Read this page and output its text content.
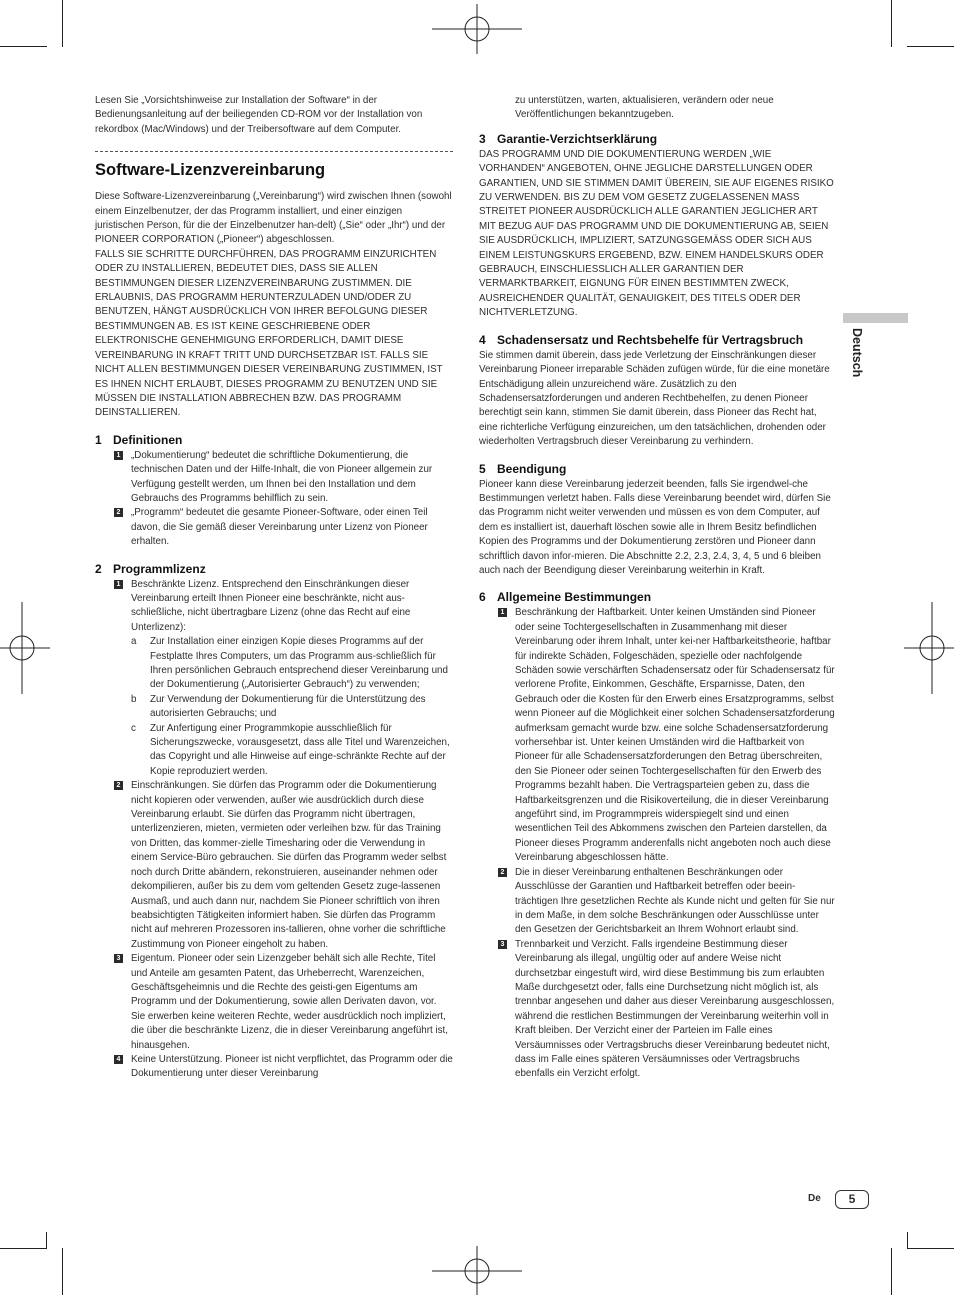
Lesen Sie „Vorsichtshinweise zur Installation der Software“ in der Bedienungsanleitung auf der beiliegenden CD-ROM vor der Installation von rekordbox (Mac/Windows) und der Treibersoftware auf dem Computer.

Software-Lizenzvereinbarung

Diese Software-Lizenzvereinbarung („Vereinbarung“) wird zwischen Ihnen (sowohl einem Einzelbenutzer, der das Programm installiert, und einer einzigen juristischen Person, für die der Einzelbenutzer han-delt) („Sie“ oder „Ihr“) und der PIONEER CORPORATION („Pioneer“) abgeschlossen.

FALLS SIE SCHRITTE DURCHFÜHREN, DAS PROGRAMM EINZURICHTEN ODER ZU INSTALLIEREN, BEDEUTET DIES, DASS SIE ALLEN BESTIMMUNGEN DIESER LIZENZVEREINBARUNG ZUSTIMMEN. DIE ERLAUBNIS, DAS PROGRAMM HERUNTERZULADEN UND/ODER ZU BENUTZEN, HÄNGT AUSDRÜCKLICH VON IHRER BEFOLGUNG DIESER BESTIMMUNGEN AB. ES IST KEINE GESCHRIEBENE ODER ELEKTRONISCHE GENEHMIGUNG ERFORDERLICH, DAMIT DIESE VEREINBARUNG IN KRAFT TRITT UND DURCHSETZBAR IST. FALLS SIE NICHT ALLEN BESTIMMUNGEN DIESER VEREINBARUNG ZUSTIMMEN, IST ES IHNEN NICHT ERLAUBT, DIESES PROGRAMM ZU BENUTZEN UND SIE MÜSSEN DIE INSTALLATION ABBRECHEN BZW. DAS PROGRAMM DEINSTALLIEREN.

1 Definitionen
1 „Dokumentierung“ bedeutet die schriftliche Dokumentierung, die technischen Daten und der Hilfe-Inhalt, die von Pioneer allgemein zur Verfügung gestellt werden, um Ihnen bei den Installation und dem Gebrauchs des Programms behilflich zu sein.
2 „Programm“ bedeutet die gesamte Pioneer-Software, oder einen Teil davon, die Sie gemäß dieser Vereinbarung unter Lizenz von Pioneer erhalten.
2 Programmlizenz
1 Beschränkte Lizenz. Entsprechend den Einschränkungen dieser Vereinbarung erteilt Ihnen Pioneer eine beschränkte, nicht aus-schließliche, nicht übertragbare Lizenz (ohne das Recht auf eine Unterlizenz):
a Zur Installation einer einzigen Kopie dieses Programms auf der Festplatte Ihres Computers, um das Programm aus-schließlich für Ihren persönlichen Gebrauch entsprechend dieser Vereinbarung und der Dokumentierung („Autorisierter Gebrauch“) zu verwenden;
b Zur Verwendung der Dokumentierung für die Unterstützung des autorisierten Gebrauchs; und
c Zur Anfertigung einer Programmkopie ausschließlich für Sicherungszwecke, vorausgesetzt, dass alle Titel und Warenzeichen, das Copyright und alle Hinweise auf einge-schränkte Rechte auf der Kopie reproduziert werden.
2 Einschränkungen. Sie dürfen das Programm oder die Dokumentierung nicht kopieren oder verwenden, außer wie ausdrücklich durch diese Vereinbarung erlaubt. Sie dürfen das Programm nicht übertragen, unterlizenzieren, mieten, vermieten oder verleihen bzw. für das Training von Dritten, das kommer-zielle Timesharing oder die Verwendung in einem Service-Büro gebrauchen. Sie dürfen das Programm weder selbst noch durch Dritte abändern, rekonstruieren, auseinander nehmen oder dekompilieren, außer bis zu dem vom geltenden Gesetz zuge-lassenen Ausmaß, und auch dann nur, nachdem Sie Pioneer schriftlich von ihren beabsichtigten Tätigkeiten informiert haben. Sie dürfen das Programm nicht auf mehreren Prozessoren ins-tallieren, ohne vorher die schriftliche Zustimmung von Pioneer eingeholt zu haben.
3 Eigentum. Pioneer oder sein Lizenzgeber behält sich alle Rechte, Titel und Anteile am gesamten Patent, das Urheberrecht, Warenzeichen, Geschäftsgeheimnis und die Rechte des geisti-gen Eigentums am Programm und der Dokumentierung, sowie allen Derivaten davon, vor. Sie erwerben keine weiteren Rechte, weder ausdrücklich noch impliziert, die über die beschränkte Lizenz, die in dieser Vereinbarung angeführt ist, hinausgehen.
4 Keine Unterstützung. Pioneer ist nicht verpflichtet, das Programm oder die Dokumentierung unter dieser Vereinbarung

zu unterstützen, warten, aktualisieren, verändern oder neue Veröffentlichungen bekanntzugeben.

3 Garantie-Verzichtserklärung

DAS PROGRAMM UND DIE DOKUMENTIERUNG WERDEN „WIE VORHANDEN“ ANGEBOTEN, OHNE JEGLICHE DARSTELLUNGEN ODER GARANTIEN, UND SIE STIMMEN DAMIT ÜBEREIN, SIE AUF EIGENES RISIKO ZU VERWENDEN. BIS ZU DEM VOM GESETZ ZUGELASSENEN MASS STREITET PIONEER AUSDRÜCKLICH ALLE GARANTIEN JEGLICHER ART MIT BEZUG AUF DAS PROGRAMM UND DIE DOKUMENTIERUNG AB, SEIEN SIE AUSDRÜCKLICH, IMPLIZIERT, SATZUNGSGEMÄSS ODER SICH AUS EINEM LEISTUNGSKURS ERGEBEND, BZW. EINEM HANDELSKURS ODER GEBRAUCH, EINSCHLIESSLICH ALLER GARANTIEN DER VERMARKTBARKEIT, EIGNUNG FÜR EINEN BESTIMMTEN ZWECK, AUSREICHENDER QUALITÄT, GENAUIGKEIT, DES TITELS ODER DER NICHTVERLETZUNG.

4 Schadensersatz und Rechtsbehelfe für Vertragsbruch

Sie stimmen damit überein, dass jede Verletzung der Einschränkungen dieser Vereinbarung Pioneer irreparable Schäden zufügen würde, für die eine monetäre Entschädigung allein unzureichend wäre. Zusätzlich zu den Schadensersatzforderungen und anderen Rechtbehelfen, zu denen Pioneer berechtigt sein kann, stimmen Sie damit überein, dass Pioneer das Recht hat, eine richterliche Verfügung einzureichen, um den tatsächlichen, drohenden oder wiederholten Vertragsbruch dieser Vereinbarung zu verhindern.

5 Beendigung

Pioneer kann diese Vereinbarung jederzeit beenden, falls Sie irgendwel-che Bestimmungen verletzt haben. Falls diese Vereinbarung beendet wird, dürfen Sie das Programm nicht weiter verwenden und müssen es von dem Computer, auf dem es installiert ist, dauerhaft löschen sowie alle in Ihrem Besitz befindlichen Kopien des Programms und der Dokumentierung zerstören und Pioneer dann schriftlich davon infor-mieren. Die Abschnitte 2.2, 2.3, 2.4, 3, 4, 5 und 6 bleiben auch nach der Beendigung dieser Vereinbarung weiterhin in Kraft.

6 Allgemeine Bestimmungen
1 Beschränkung der Haftbarkeit. Unter keinen Umständen sind Pioneer oder seine Tochtergesellschaften in Zusammenhang mit dieser Vereinbarung oder ihrem Inhalt, unter kei-ner Haftbarkeitstheorie, haftbar für indirekte Schäden, Folgeschäden, spezielle oder nachfolgende Schäden sowie verschärften Schadensersatz oder für Schadensersatz für verlorene Profite, Einkommen, Geschäfte, Ersparnisse, Daten, den Gebrauch oder die Kosten für den Erwerb eines Ersatzprogramms, selbst wenn Pioneer auf die Möglichkeit einer solchen Schadensersatzforderung aufmerksam gemacht wurde bzw. eine solche Schadensersatzforderung vorhersehbar ist. Unter keinen Umständen wird die Haftbarkeit von Pioneer für alle Schadensersatzforderungen den Betrag überschreiten, den Sie Pioneer oder seinen Tochtergesellschaften für den Erwerb des Programms bezahlt haben. Die Vertragsparteien geben zu, dass die Haftbarkeitsgrenzen und die Risikoverteilung, die in dieser Vereinbarung angeführt sind, im Programmpreis widerspiegelt sind und einen wesentlichen Teil des Abkommens zwischen den Parteien darstellen, da Pioneer dieses Programm anderenfalls nicht angeboten noch auch diese Vereinbarung abgeschlossen hätte.
2 Die in dieser Vereinbarung enthaltenen Beschränkungen oder Ausschlüsse der Garantien und Haftbarkeit betreffen oder beein-trächtigen Ihre gesetzlichen Rechte als Kunde nicht und gelten für Sie nur in dem Maße, in dem solche Beschränkungen oder Ausschlüsse unter den Gesetzen der Gerichtsbarkeit an Ihrem Wohnort erlaubt sind.
3 Trennbarkeit und Verzicht. Falls irgendeine Bestimmung dieser Vereinbarung als illegal, ungültig oder auf andere Weise nicht durchsetzbar eingestuft wird, wird diese Bestimmung bis zum erlaubten Maße durchgesetzt oder, falls eine Durchsetzung nicht möglich ist, als trennbar angesehen und daher aus dieser Vereinbarung ausgeschlossen, während die restlichen Bestimmungen der Vereinbarung weiterhin voll in Kraft bleiben. Der Verzicht einer der Parteien im Falle eines Versäumnisses oder Vertragsbruchs dieser Vereinbarung bedeutet nicht, dass im Falle eines späteren Versäumnisses oder Vertragsbruchs ebenfalls ein Verzicht erfolgt.
Deutsch
De	5
